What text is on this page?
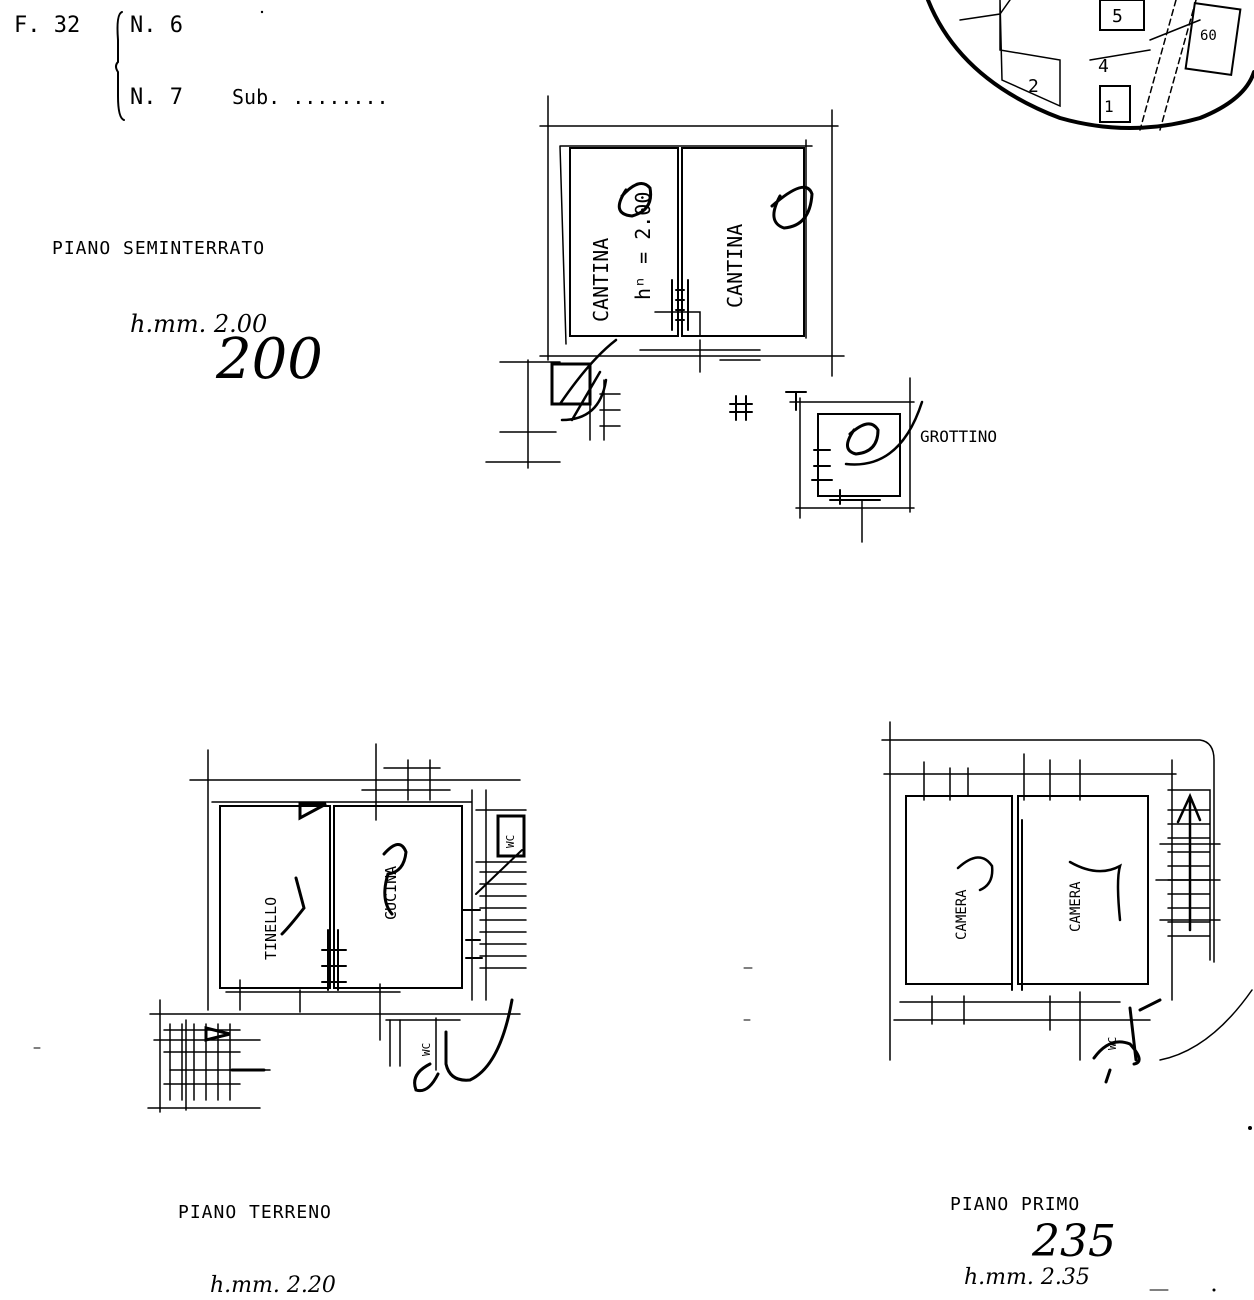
F. 32 N. 6
N. 7 Sub. ........
5
4
2
1
60
PIANO SEMINTERRATO
h.mm. 2.00
200
CANTINA hⁿ = 2.00	CANTINA
GROTTINO
TINELLO
CUCINA
WC
WC
PIANO TERRENO
h.mm. 2.20
CAMERA	CAMERA
WC
PIANO PRIMO
235
h.mm. 2.35
